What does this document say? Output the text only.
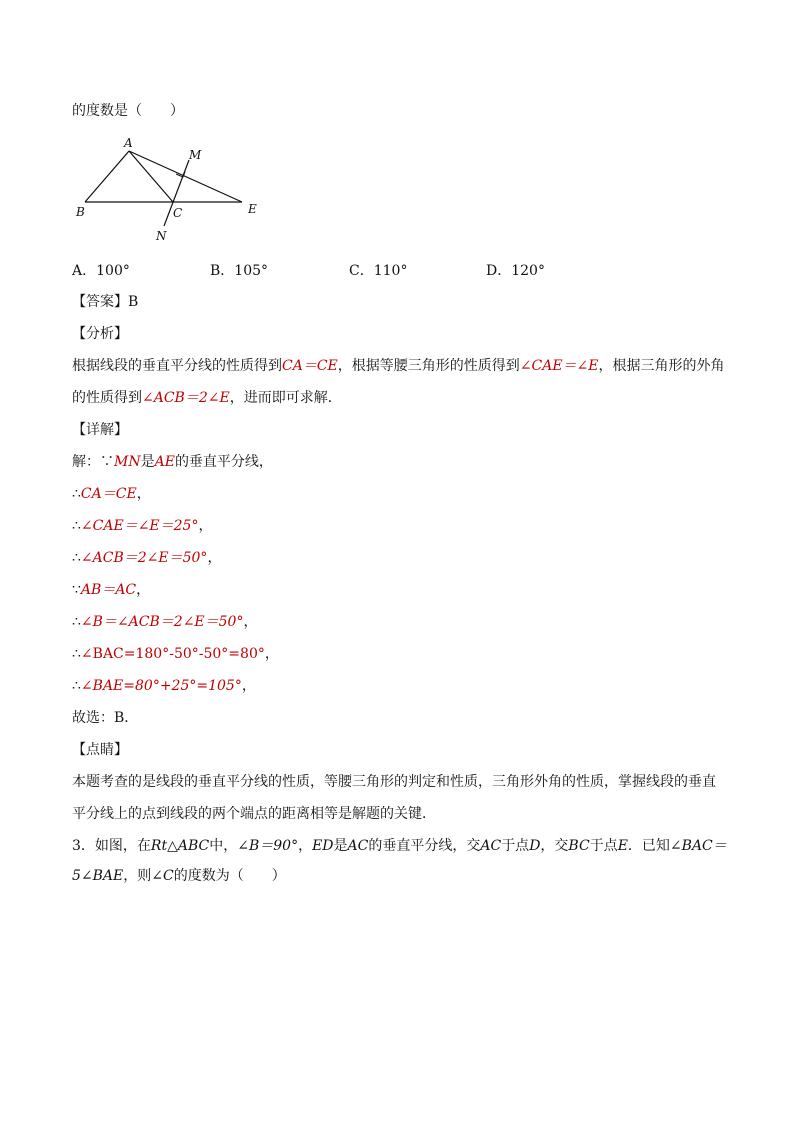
的度数是（　　）
A
B	C	E
M
N
A．100°	B．105°	C．110°	D．120°
【答案】B
【分析】
根据线段的垂直平分线的性质得到CA＝CE，根据等腰三角形的性质得到∠CAE＝∠E，根据三角形的外角
的性质得到∠ACB＝2∠E，进而即可求解．
【详解】
解：∵MN是AE的垂直平分线，
∴CA＝CE，
∴∠CAE＝∠E＝25°，
∴∠ACB＝2∠E＝50°，
∵AB＝AC，
∴∠B＝∠ACB＝2∠E＝50°，
∴∠BAC=180°-50°-50°=80°，
∴∠BAE=80°+25°=105°，
故选：B．
【点睛】
本题考查的是线段的垂直平分线的性质，等腰三角形的判定和性质，三角形外角的性质，掌握线段的垂直
平分线上的点到线段的两个端点的距离相等是解题的关键．
3．如图，在Rt△ABC中，∠B＝90°，ED是AC的垂直平分线，交AC于点D，交BC于点E．已知∠BAC＝
5∠BAE，则∠C的度数为（　　）
